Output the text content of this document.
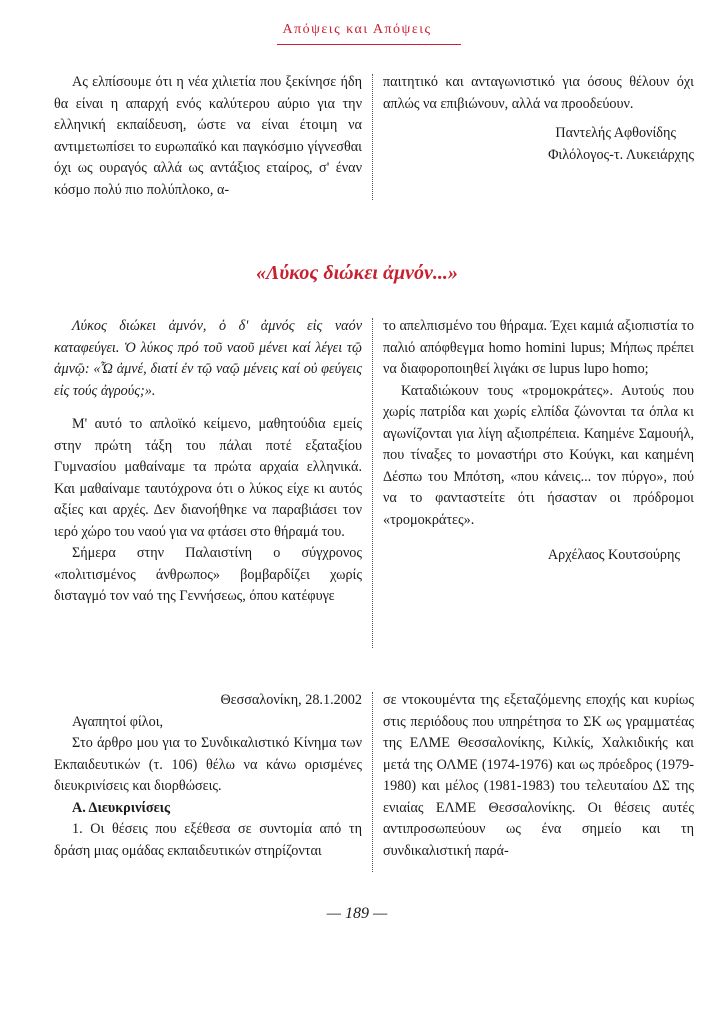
Απόψεις και Απόψεις

Ας ελπίσουμε ότι η νέα χιλιετία που ξεκίνησε ήδη θα είναι η απαρχή ενός καλύτερου αύριο για την ελληνική εκπαίδευση, ώστε να είναι έτοιμη να αντιμετωπίσει το ευρωπαϊκό και παγκόσμιο γίγνεσθαι όχι ως ουραγός αλλά ως αντάξιος εταίρος, σ' έναν κόσμο πολύ πιο πολύπλοκο, α-

παιτητικό και ανταγωνιστικό για όσους θέλουν όχι απλώς να επιβιώνουν, αλλά να προοδεύουν.

Παντελής Αφθονίδης

Φιλόλογος-τ. Λυκειάρχης

«Λύκος διώκει ἀμνόν...»

Λύκος διώκει ἀμνόν, ὁ δ' ἀμνός εἰς ναόν καταφεύγει. Ὁ λύκος πρό τοῦ ναοῦ μένει καί λέγει τῷ ἀμνῷ: «Ὦ ἀμνέ, διατί ἐν τῷ ναῷ μένεις καί οὐ φεύγεις εἰς τούς ἀγρούς;».

Μ' αυτό το απλοϊκό κείμενο, μαθητούδια εμείς στην πρώτη τάξη του πάλαι ποτέ εξαταξίου Γυμνασίου μαθαίναμε τα πρώτα αρχαία ελληνικά. Και μαθαίναμε ταυτόχρονα ότι ο λύκος είχε κι αυτός αξίες και αρχές. Δεν διανοήθηκε να παραβιάσει τον ιερό χώρο του ναού για να φτάσει στο θήραμά του.

Σήμερα στην Παλαιστίνη ο σύγχρονος «πολιτισμένος άνθρωπος» βομβαρδίζει χωρίς δισταγμό τον ναό της Γεννήσεως, όπου κατέφυγε

το απελπισμένο του θήραμα. Έχει καμιά αξιοπιστία το παλιό απόφθεγμα homo homini lupus; Μήπως πρέπει να διαφοροποιηθεί λιγάκι σε lupus lupo homo;

Καταδιώκουν τους «τρομοκράτες». Αυτούς που χωρίς πατρίδα και χωρίς ελπίδα ζώνονται τα όπλα κι αγωνίζονται για λίγη αξιοπρέπεια. Καημένε Σαμουήλ, που τίναξες το μοναστήρι στο Κούγκι, και καημένη Δέσπω του Μπότση, «που κάνεις... τον πύργο», πού να το φανταστείτε ότι ήσασταν οι πρόδρομοι «τρομοκράτες».

Αρχέλαος Κουτσούρης

Θεσσαλονίκη, 28.1.2002

Αγαπητοί φίλοι,

Στο άρθρο μου για το Συνδικαλιστικό Κίνημα των Εκπαιδευτικών (τ. 106) θέλω να κάνω ορισμένες διευκρινίσεις και διορθώσεις.

Α. Διευκρινίσεις

1. Οι θέσεις που εξέθεσα σε συντομία από τη δράση μιας ομάδας εκπαιδευτικών στηρίζονται

σε ντοκουμέντα της εξεταζόμενης εποχής και κυρίως στις περιόδους που υπηρέτησα το ΣΚ ως γραμματέας της ΕΛΜΕ Θεσσαλονίκης, Κιλκίς, Χαλκιδικής και μετά της ΟΛΜΕ (1974-1976) και ως πρόεδρος (1979-1980) και μέλος (1981-1983) του τελευταίου ΔΣ της ενιαίας ΕΛΜΕ Θεσσαλονίκης. Οι θέσεις αυτές αντιπροσωπεύουν ως ένα σημείο και τη συνδικαλιστική παρά-

— 189 —
